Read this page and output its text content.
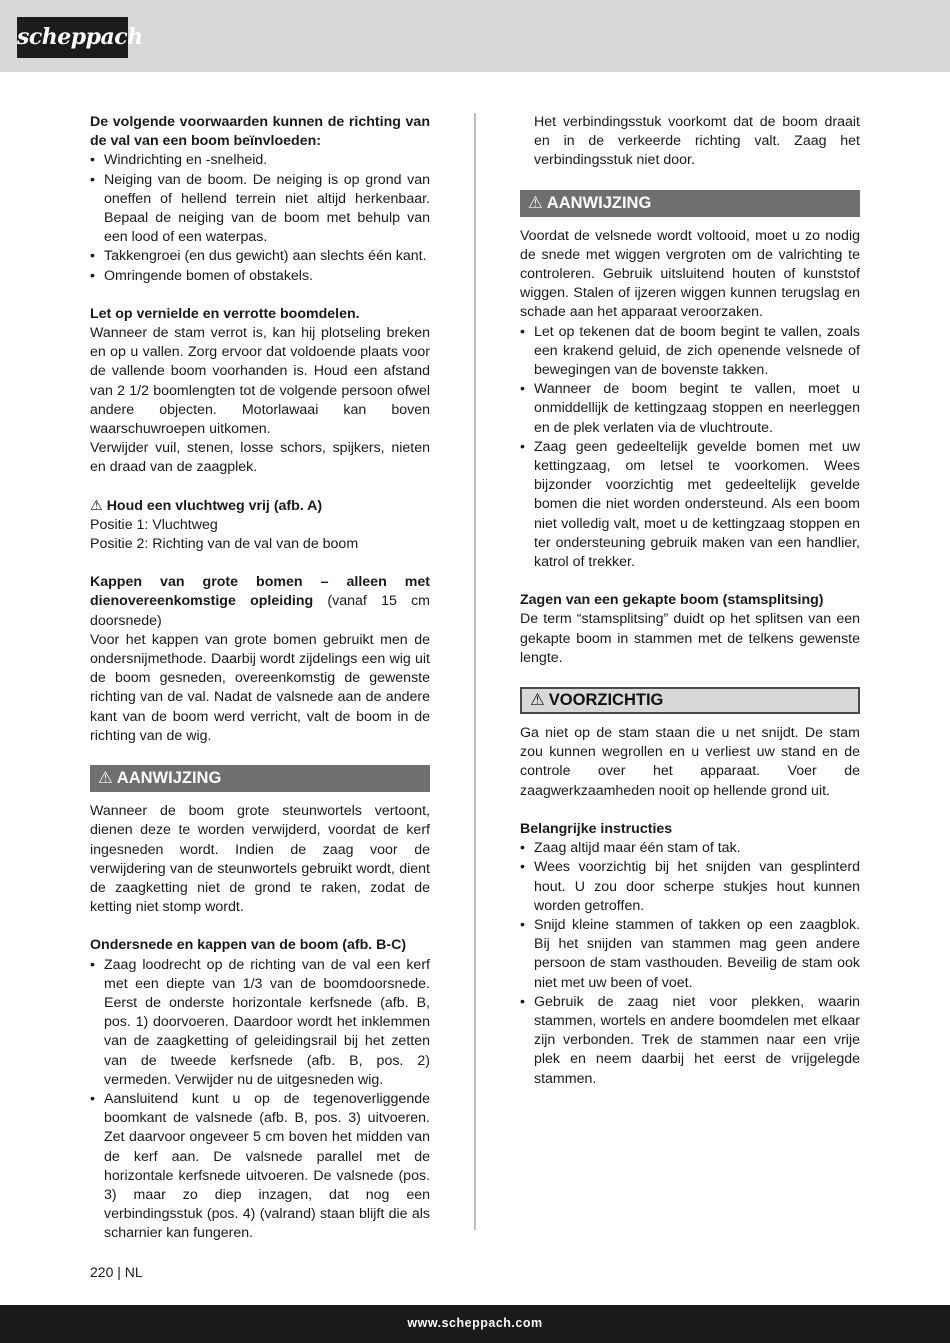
scheppach

De volgende voorwaarden kunnen de richting van de val van een boom beïnvloeden:

• Windrichting en -snelheid.
• Neiging van de boom. De neiging is op grond van oneffen of hellend terrein niet altijd herkenbaar. Bepaal de neiging van de boom met behulp van een lood of een waterpas.
• Takkengroei (en dus gewicht) aan slechts één kant.
• Omringende bomen of obstakels.

Let op vernielde en verrotte boomdelen.

Wanneer de stam verrot is, kan hij plotseling breken en op u vallen. Zorg ervoor dat voldoende plaats voor de vallende boom voorhanden is. Houd een afstand van 2 1/2 boomlengten tot de volgende persoon ofwel andere objecten. Motorlawaai kan boven waarschuwroepen uitkomen.

Verwijder vuil, stenen, losse schors, spijkers, nieten en draad van de zaagplek.

⚠ Houd een vluchtweg vrij (afb. A)

Positie 1: Vluchtweg

Positie 2: Richting van de val van de boom

Kappen van grote bomen – alleen met dienovereenkomstige opleiding (vanaf 15 cm doorsnede)

Voor het kappen van grote bomen gebruikt men de ondersnijmethode. Daarbij wordt zijdelings een wig uit de boom gesneden, overeenkomstig de gewenste richting van de val. Nadat de valsnede aan de andere kant van de boom werd verricht, valt de boom in de richting van de wig.

⚠ AANWIJZING

Wanneer de boom grote steunwortels vertoont, dienen deze te worden verwijderd, voordat de kerf ingesneden wordt. Indien de zaag voor de verwijdering van de steunwortels gebruikt wordt, dient de zaagketting niet de grond te raken, zodat de ketting niet stomp wordt.

Ondersnede en kappen van de boom (afb. B-C)

• Zaag loodrecht op de richting van de val een kerf met een diepte van 1/3 van de boomdoorsnede. Eerst de onderste horizontale kerfsnede (afb. B, pos. 1) doorvoeren. Daardoor wordt het inklemmen van de zaagketting of geleidingsrail bij het zetten van de tweede kerfsnede (afb. B, pos. 2) vermeden. Verwijder nu de uitgesneden wig.
• Aansluitend kunt u op de tegenoverliggende boomkant de valsnede (afb. B, pos. 3) uitvoeren. Zet daarvoor ongeveer 5 cm boven het midden van de kerf aan. De valsnede parallel met de horizontale kerfsnede uitvoeren. De valsnede (pos. 3) maar zo diep inzagen, dat nog een verbindingsstuk (pos. 4) (valrand) staan blijft die als scharnier kan fungeren.

Het verbindingsstuk voorkomt dat de boom draait en in de verkeerde richting valt. Zaag het verbindingsstuk niet door.

⚠ AANWIJZING

Voordat de velsnede wordt voltooid, moet u zo nodig de snede met wiggen vergroten om de valrichting te controleren. Gebruik uitsluitend houten of kunststof wiggen. Stalen of ijzeren wiggen kunnen terugslag en schade aan het apparaat veroorzaken.

• Let op tekenen dat de boom begint te vallen, zoals een krakend geluid, de zich openende velsnede of bewegingen van de bovenste takken.
• Wanneer de boom begint te vallen, moet u onmiddellijk de kettingzaag stoppen en neerleggen en de plek verlaten via de vluchtroute.
• Zaag geen gedeeltelijk gevelde bomen met uw kettingzaag, om letsel te voorkomen. Wees bijzonder voorzichtig met gedeeltelijk gevelde bomen die niet worden ondersteund. Als een boom niet volledig valt, moet u de kettingzaag stoppen en ter ondersteuning gebruik maken van een handlier, katrol of trekker.

Zagen van een gekapte boom (stamsplitsing)

De term “stamsplitsing” duidt op het splitsen van een gekapte boom in stammen met de telkens gewenste lengte.

⚠ VOORZICHTIG

Ga niet op de stam staan die u net snijdt. De stam zou kunnen wegrollen en u verliest uw stand en de controle over het apparaat. Voer de zaagwerkzaamheden nooit op hellende grond uit.

Belangrijke instructies

• Zaag altijd maar één stam of tak.
• Wees voorzichtig bij het snijden van gesplinterd hout. U zou door scherpe stukjes hout kunnen worden getroffen.
• Snijd kleine stammen of takken op een zaagblok. Bij het snijden van stammen mag geen andere persoon de stam vasthouden. Beveilig de stam ook niet met uw been of voet.
• Gebruik de zaag niet voor plekken, waarin stammen, wortels en andere boomdelen met elkaar zijn verbonden. Trek de stammen naar een vrije plek en neem daarbij het eerst de vrijgelegde stammen.
220 | NL
www.scheppach.com
